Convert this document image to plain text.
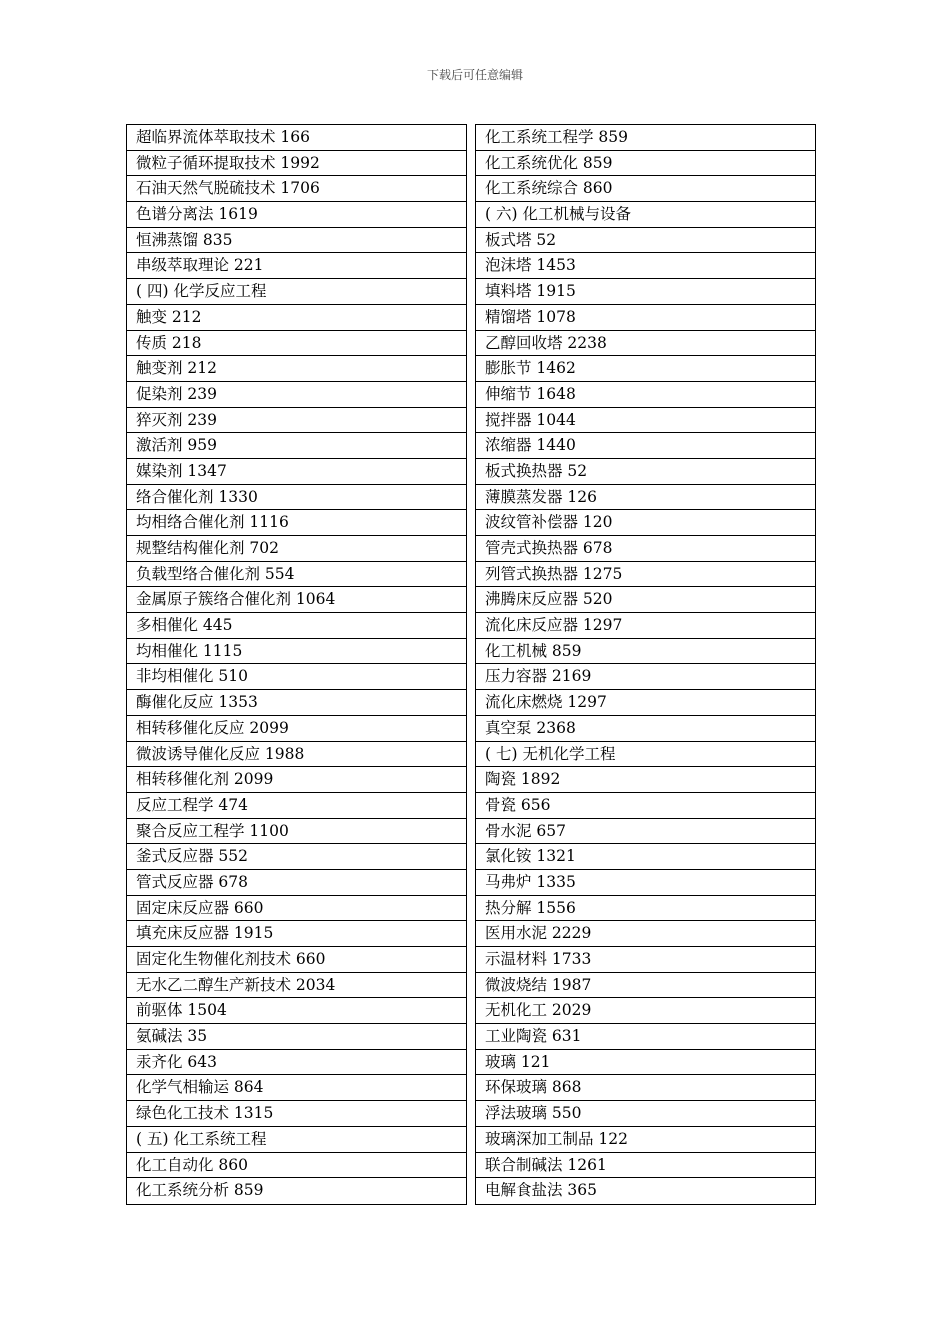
下载后可任意编辑
超临界流体萃取技术 166
微粒子循环提取技术 1992
石油天然气脱硫技术 1706
色谱分离法 1619
恒沸蒸馏 835
串级萃取理论 221
( 四) 化学反应工程
触变 212
传质 218
触变剂 212
促染剂 239
猝灭剂 239
激活剂 959
媒染剂 1347
络合催化剂 1330
均相络合催化剂 1116
规整结构催化剂 702
负载型络合催化剂 554
金属原子簇络合催化剂 1064
多相催化 445
均相催化 1115
非均相催化 510
酶催化反应 1353
相转移催化反应 2099
微波诱导催化反应 1988
相转移催化剂 2099
反应工程学 474
聚合反应工程学 1100
釜式反应器 552
管式反应器 678
固定床反应器 660
填充床反应器 1915
固定化生物催化剂技术 660
无水乙二醇生产新技术 2034
前驱体 1504
氨碱法 35
汞齐化 643
化学气相输运 864
绿色化工技术 1315
( 五) 化工系统工程
化工自动化 860
化工系统分析 859
化工系统工程学 859
化工系统优化 859
化工系统综合 860
( 六) 化工机械与设备
板式塔 52
泡沫塔 1453
填料塔 1915
精馏塔 1078
乙醇回收塔 2238
膨胀节 1462
伸缩节 1648
搅拌器 1044
浓缩器 1440
板式换热器 52
薄膜蒸发器 126
波纹管补偿器 120
管壳式换热器 678
列管式换热器 1275
沸腾床反应器 520
流化床反应器 1297
化工机械 859
压力容器 2169
流化床燃烧 1297
真空泵 2368
( 七) 无机化学工程
陶瓷 1892
骨瓷 656
骨水泥 657
氯化铵 1321
马弗炉 1335
热分解 1556
医用水泥 2229
示温材料 1733
微波烧结 1987
无机化工 2029
工业陶瓷 631
玻璃 121
环保玻璃 868
浮法玻璃 550
玻璃深加工制品 122
联合制碱法 1261
电解食盐法 365
